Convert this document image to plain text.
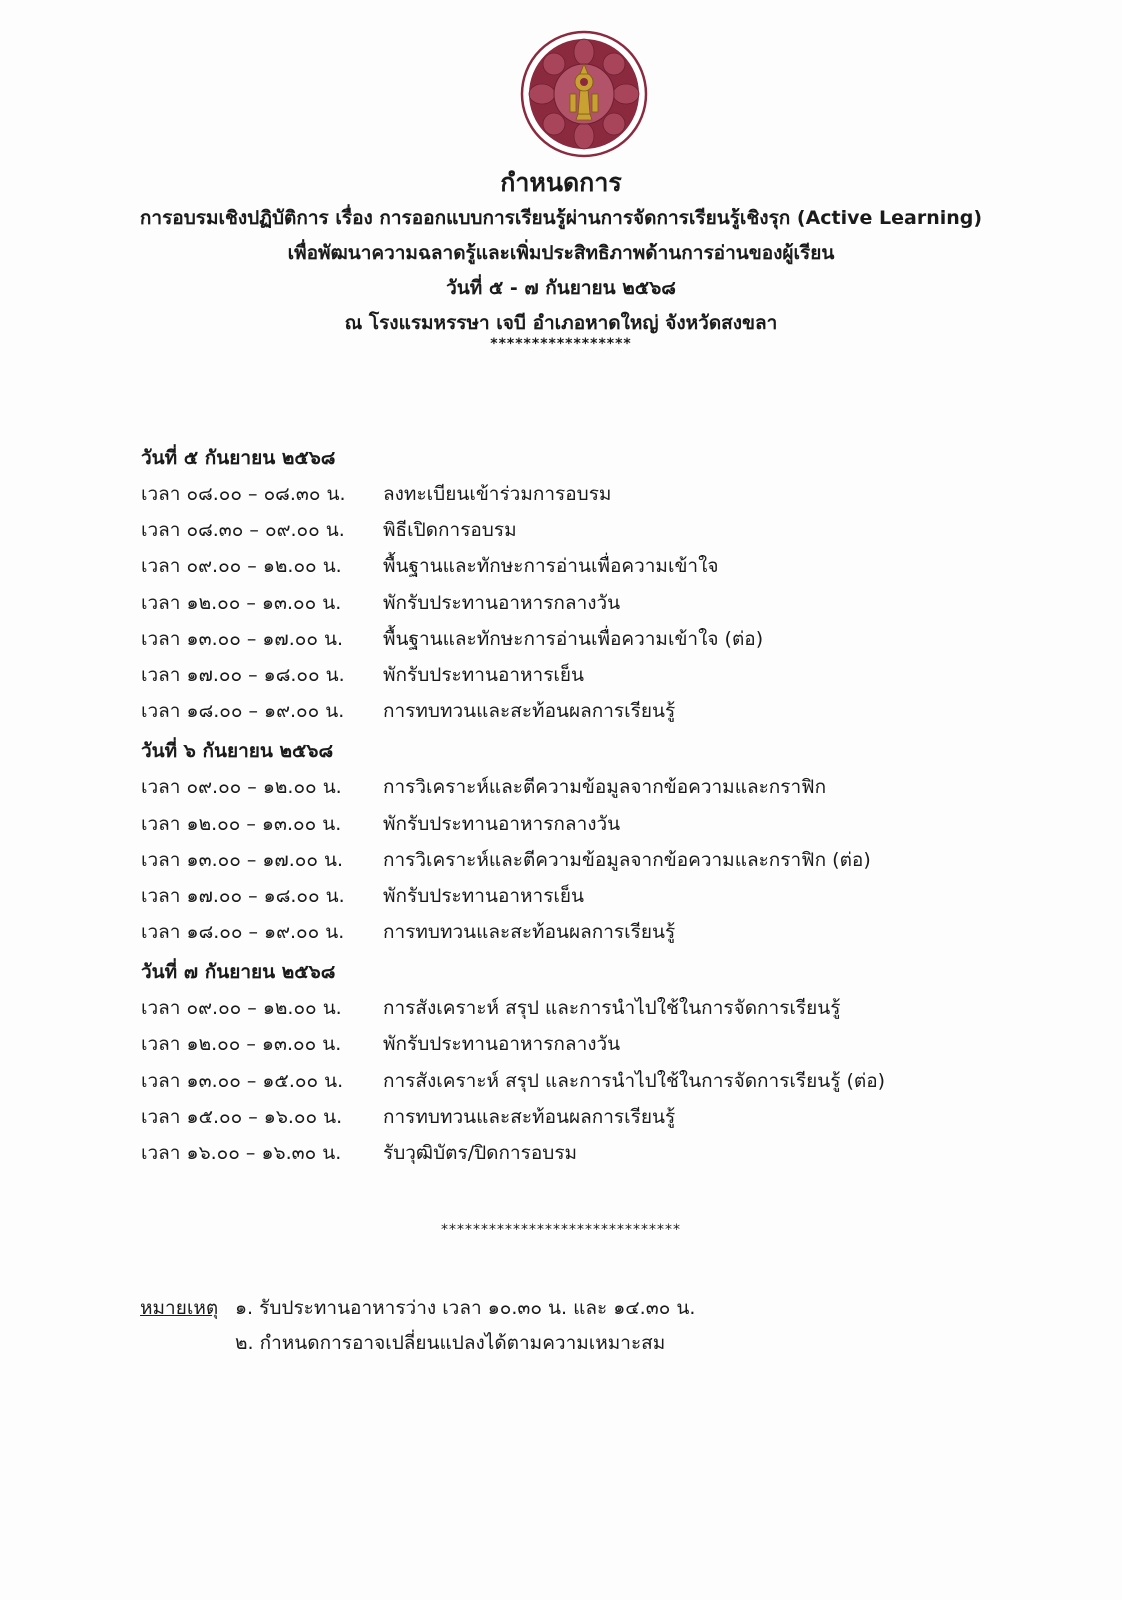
กำหนดการ

การอบรมเชิงปฏิบัติการ เรื่อง การออกแบบการเรียนรู้ผ่านการจัดการเรียนรู้เชิงรุก (Active Learning)

เพื่อพัฒนาความฉลาดรู้และเพิ่มประสิทธิภาพด้านการอ่านของผู้เรียน

วันที่ ๕ - ๗ กันยายน ๒๕๖๘

ณ โรงแรมหรรษา เจบี อำเภอหาดใหญ่ จังหวัดสงขลา

*****************
วันที่ ๕ กันยายน ๒๕๖๘
เวลา ๐๘.๐๐ – ๐๘.๓๐ น.	ลงทะเบียนเข้าร่วมการอบรม
เวลา ๐๘.๓๐ – ๐๙.๐๐ น.	พิธีเปิดการอบรม
เวลา ๐๙.๐๐ – ๑๒.๐๐ น.	พื้นฐานและทักษะการอ่านเพื่อความเข้าใจ
เวลา ๑๒.๐๐ – ๑๓.๐๐ น.	พักรับประทานอาหารกลางวัน
เวลา ๑๓.๐๐ – ๑๗.๐๐ น.	พื้นฐานและทักษะการอ่านเพื่อความเข้าใจ (ต่อ)
เวลา ๑๗.๐๐ – ๑๘.๐๐ น.	พักรับประทานอาหารเย็น
เวลา ๑๘.๐๐ – ๑๙.๐๐ น.	การทบทวนและสะท้อนผลการเรียนรู้
วันที่ ๖ กันยายน ๒๕๖๘
เวลา ๐๙.๐๐ – ๑๒.๐๐ น.	การวิเคราะห์และตีความข้อมูลจากข้อความและกราฟิก
เวลา ๑๒.๐๐ – ๑๓.๐๐ น.	พักรับประทานอาหารกลางวัน
เวลา ๑๓.๐๐ – ๑๗.๐๐ น.	การวิเคราะห์และตีความข้อมูลจากข้อความและกราฟิก (ต่อ)
เวลา ๑๗.๐๐ – ๑๘.๐๐ น.	พักรับประทานอาหารเย็น
เวลา ๑๘.๐๐ – ๑๙.๐๐ น.	การทบทวนและสะท้อนผลการเรียนรู้
วันที่ ๗ กันยายน ๒๕๖๘
เวลา ๐๙.๐๐ – ๑๒.๐๐ น.	การสังเคราะห์ สรุป และการนำไปใช้ในการจัดการเรียนรู้
เวลา ๑๒.๐๐ – ๑๓.๐๐ น.	พักรับประทานอาหารกลางวัน
เวลา ๑๓.๐๐ – ๑๕.๐๐ น.	การสังเคราะห์ สรุป และการนำไปใช้ในการจัดการเรียนรู้ (ต่อ)
เวลา ๑๕.๐๐ – ๑๖.๐๐ น.	การทบทวนและสะท้อนผลการเรียนรู้
เวลา ๑๖.๐๐ – ๑๖.๓๐ น.	รับวุฒิบัตร/ปิดการอบรม
******************************
หมายเหตุ ๑. รับประทานอาหารว่าง เวลา ๑๐.๓๐ น. และ ๑๔.๓๐ น.
๒. กำหนดการอาจเปลี่ยนแปลงได้ตามความเหมาะสม
